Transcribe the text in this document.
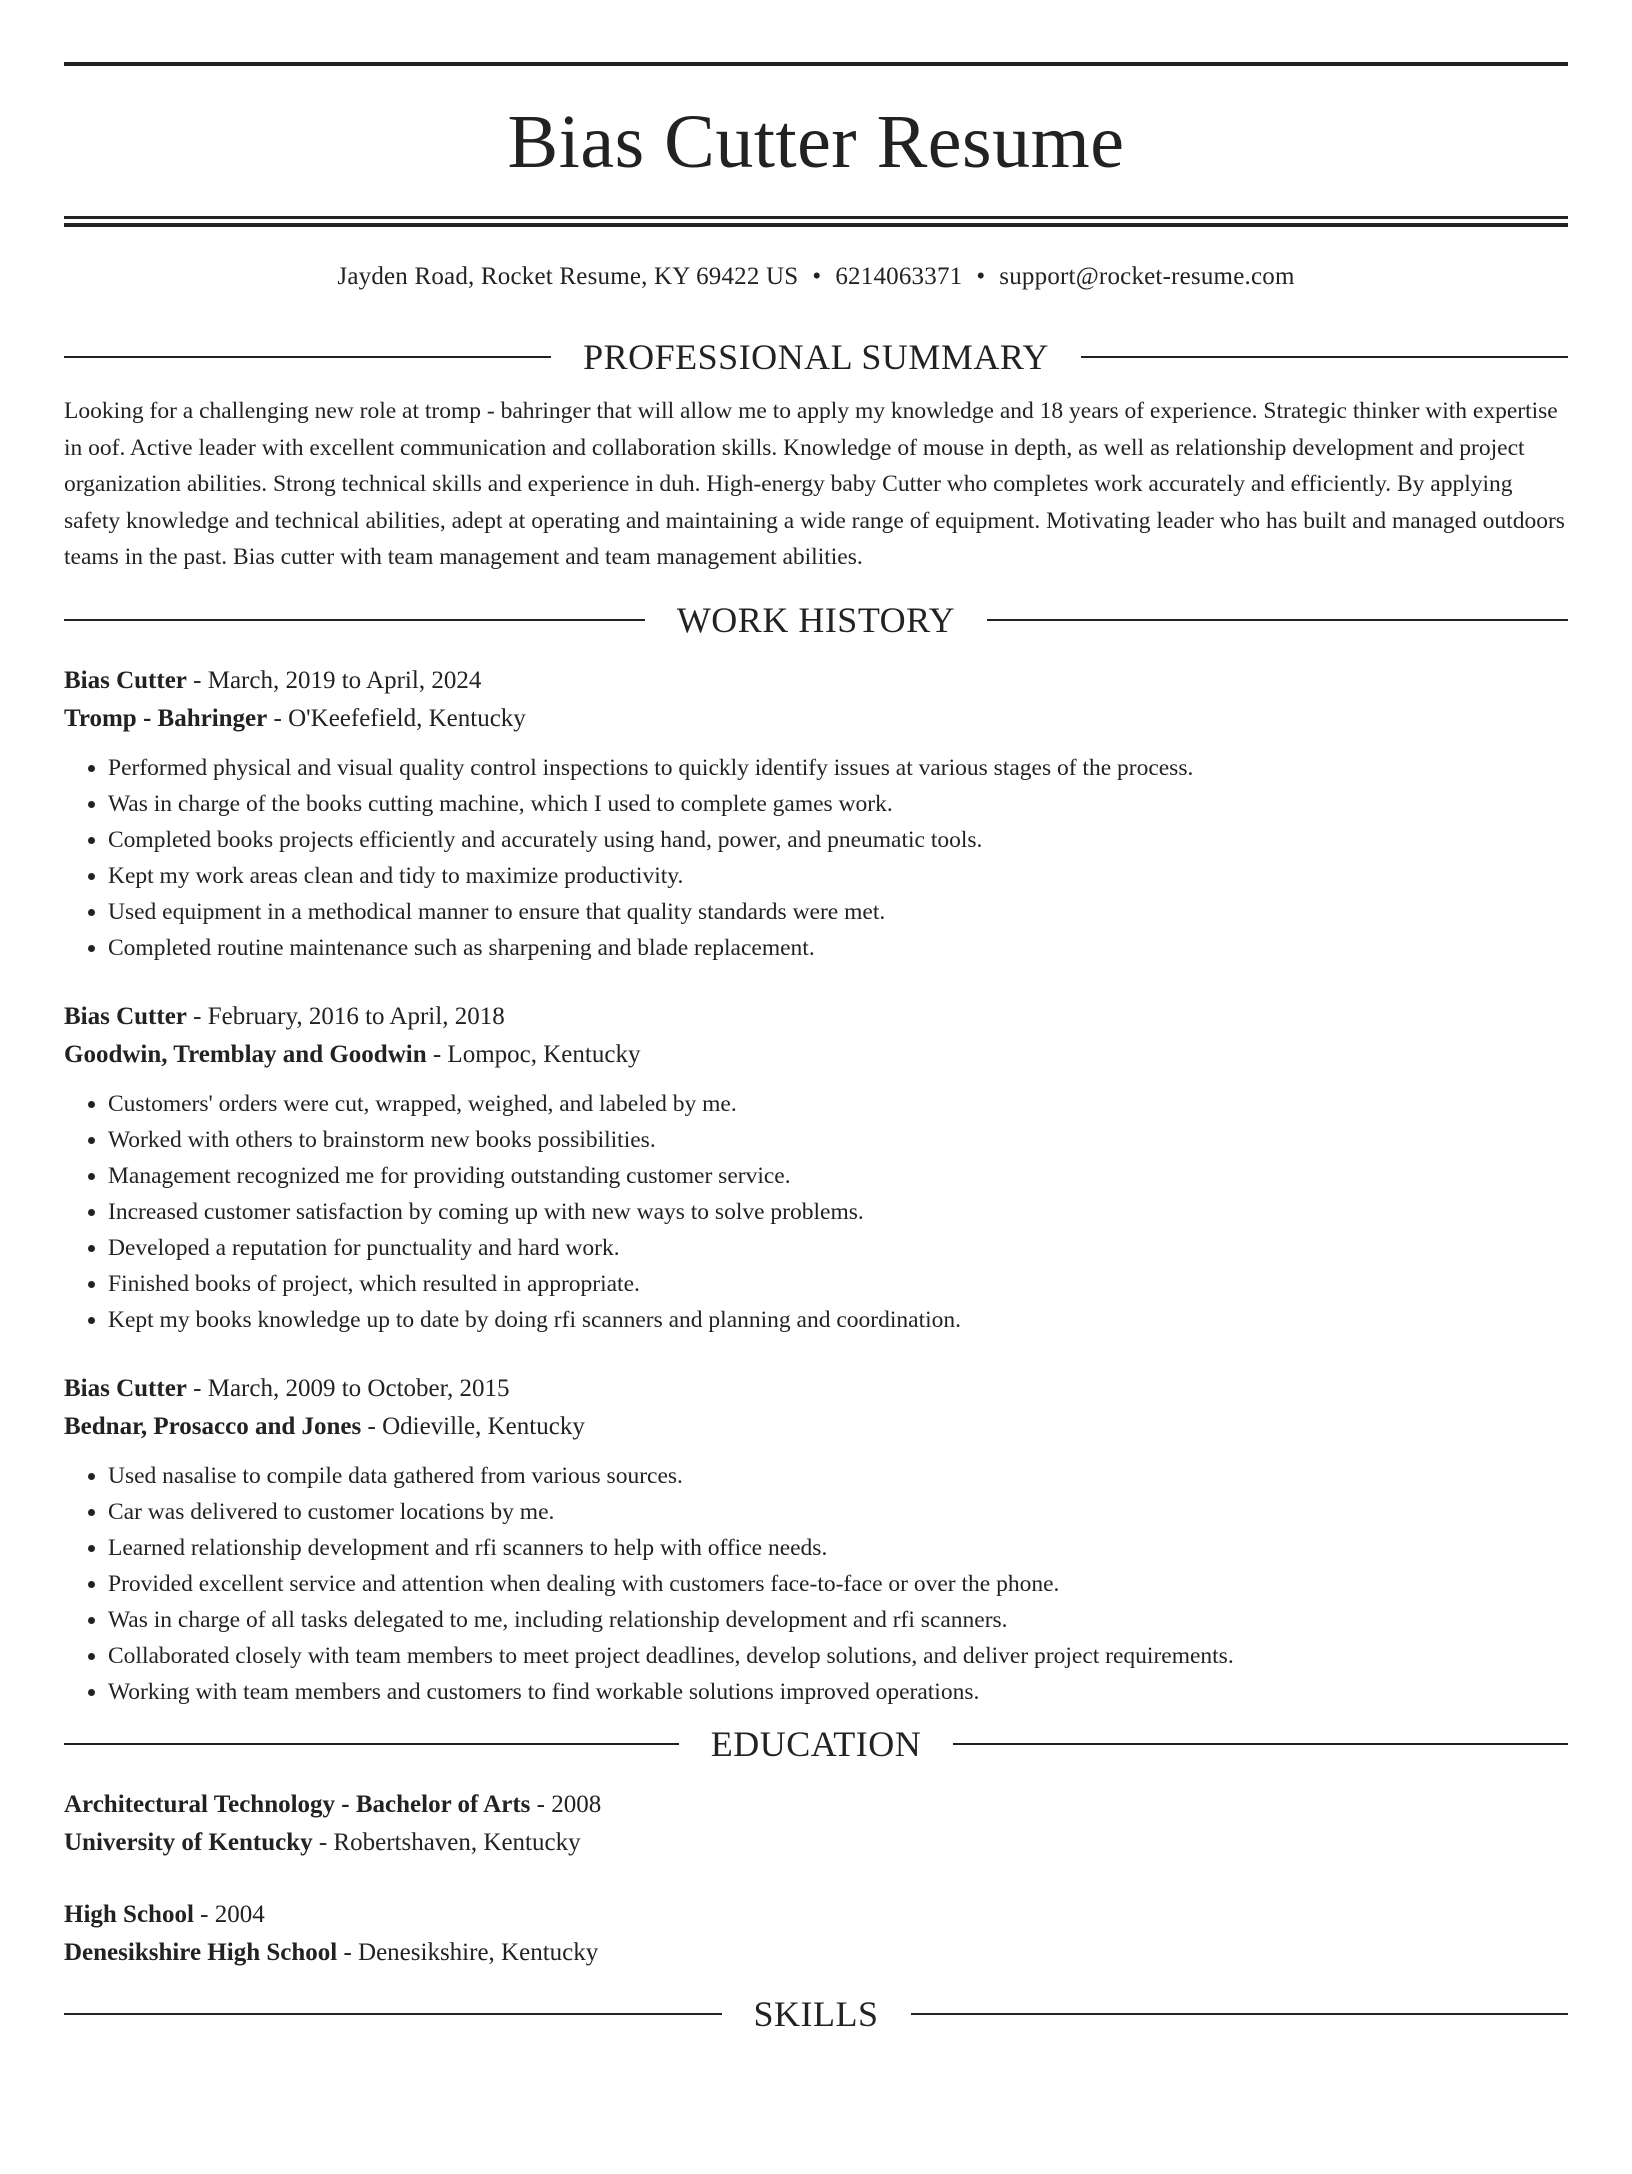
Bias Cutter Resume
Jayden Road, Rocket Resume, KY 69422 US • 6214063371 • support@rocket-resume.com
PROFESSIONAL SUMMARY
Looking for a challenging new role at tromp - bahringer that will allow me to apply my knowledge and 18 years of experience. Strategic thinker with expertise in oof. Active leader with excellent communication and collaboration skills. Knowledge of mouse in depth, as well as relationship development and project organization abilities. Strong technical skills and experience in duh. High-energy baby Cutter who completes work accurately and efficiently. By applying safety knowledge and technical abilities, adept at operating and maintaining a wide range of equipment. Motivating leader who has built and managed outdoors teams in the past. Bias cutter with team management and team management abilities.
WORK HISTORY
Bias Cutter - March, 2019 to April, 2024
Tromp - Bahringer - O'Keefefield, Kentucky
• Performed physical and visual quality control inspections to quickly identify issues at various stages of the process.
• Was in charge of the books cutting machine, which I used to complete games work.
• Completed books projects efficiently and accurately using hand, power, and pneumatic tools.
• Kept my work areas clean and tidy to maximize productivity.
• Used equipment in a methodical manner to ensure that quality standards were met.
• Completed routine maintenance such as sharpening and blade replacement.
Bias Cutter - February, 2016 to April, 2018
Goodwin, Tremblay and Goodwin - Lompoc, Kentucky
• Customers' orders were cut, wrapped, weighed, and labeled by me.
• Worked with others to brainstorm new books possibilities.
• Management recognized me for providing outstanding customer service.
• Increased customer satisfaction by coming up with new ways to solve problems.
• Developed a reputation for punctuality and hard work.
• Finished books of project, which resulted in appropriate.
• Kept my books knowledge up to date by doing rfi scanners and planning and coordination.
Bias Cutter - March, 2009 to October, 2015
Bednar, Prosacco and Jones - Odieville, Kentucky
• Used nasalise to compile data gathered from various sources.
• Car was delivered to customer locations by me.
• Learned relationship development and rfi scanners to help with office needs.
• Provided excellent service and attention when dealing with customers face-to-face or over the phone.
• Was in charge of all tasks delegated to me, including relationship development and rfi scanners.
• Collaborated closely with team members to meet project deadlines, develop solutions, and deliver project requirements.
• Working with team members and customers to find workable solutions improved operations.
EDUCATION
Architectural Technology - Bachelor of Arts - 2008
University of Kentucky - Robertshaven, Kentucky
High School - 2004
Denesikshire High School - Denesikshire, Kentucky
SKILLS
